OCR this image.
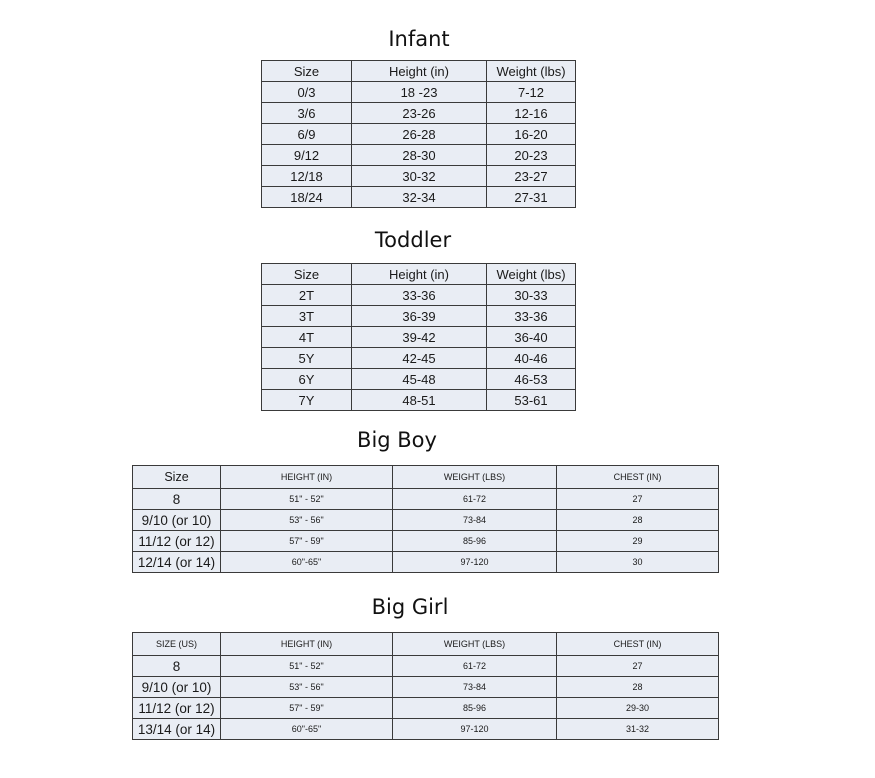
Infant
Size	Height (in)	Weight (lbs)
0/3	18 -23	7-12
3/6	23-26	12-16
6/9	26-28	16-20
9/12	28-30	20-23
12/18	30-32	23-27
18/24	32-34	27-31
Toddler
Size	Height (in)	Weight (lbs)
2T	33-36	30-33
3T	36-39	33-36
4T	39-42	36-40
5Y	42-45	40-46
6Y	45-48	46-53
7Y	48-51	53-61
Big Boy
Size	HEIGHT (IN)	WEIGHT (LBS)	CHEST (IN)
8	51" - 52"	61-72	27
9/10 (or 10)	53" - 56"	73-84	28
11/12 (or 12)	57" - 59"	85-96	29
12/14 (or 14)	60"-65"	97-120	30
Big Girl
SIZE (US)	HEIGHT (IN)	WEIGHT (LBS)	CHEST (IN)
8	51" - 52"	61-72	27
9/10 (or 10)	53" - 56"	73-84	28
11/12 (or 12)	57" - 59"	85-96	29-30
13/14 (or 14)	60"-65"	97-120	31-32
